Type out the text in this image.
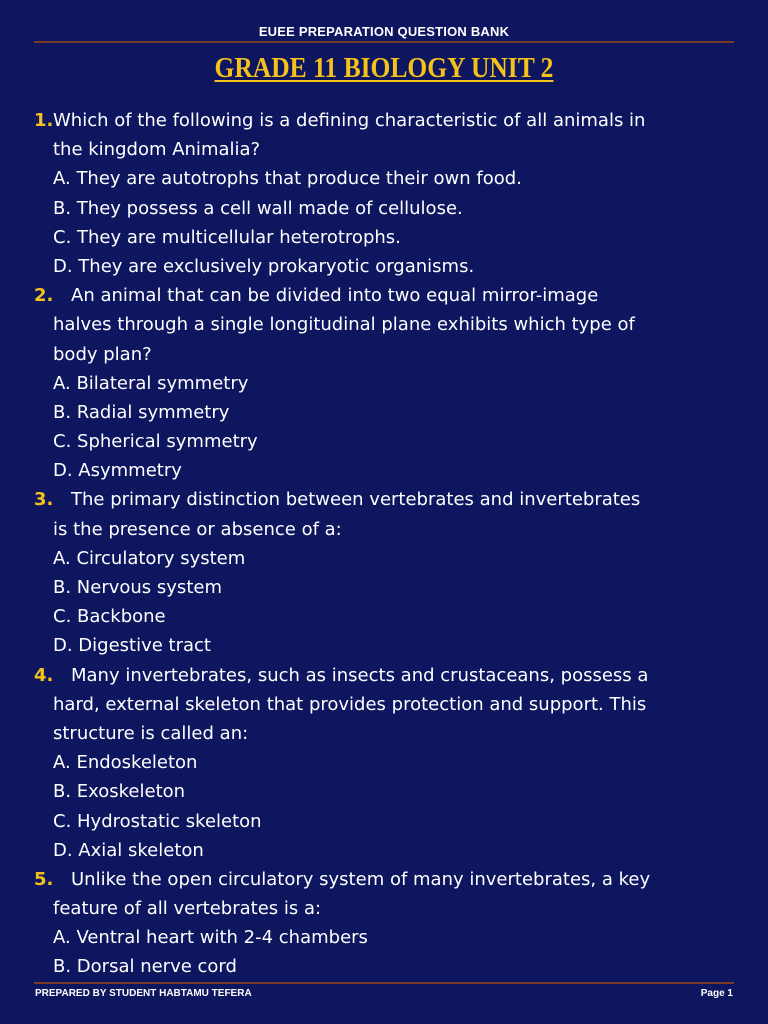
EUEE PREPARATION QUESTION BANK
GRADE 11 BIOLOGY UNIT 2
1.Which of the following is a defining characteristic of all animals in
the kingdom Animalia?
A. They are autotrophs that produce their own food.
B. They possess a cell wall made of cellulose.
C. They are multicellular heterotrophs.
D. They are exclusively prokaryotic organisms.
2. An animal that can be divided into two equal mirror-image
halves through a single longitudinal plane exhibits which type of
body plan?
A. Bilateral symmetry
B. Radial symmetry
C. Spherical symmetry
D. Asymmetry
3. The primary distinction between vertebrates and invertebrates
is the presence or absence of a:
A. Circulatory system
B. Nervous system
C. Backbone
D. Digestive tract
4. Many invertebrates, such as insects and crustaceans, possess a
hard, external skeleton that provides protection and support. This
structure is called an:
A. Endoskeleton
B. Exoskeleton
C. Hydrostatic skeleton
D. Axial skeleton
5. Unlike the open circulatory system of many invertebrates, a key
feature of all vertebrates is a:
A. Ventral heart with 2-4 chambers
B. Dorsal nerve cord
PREPARED BY STUDENT HABTAMU TEFERA	Page 1
